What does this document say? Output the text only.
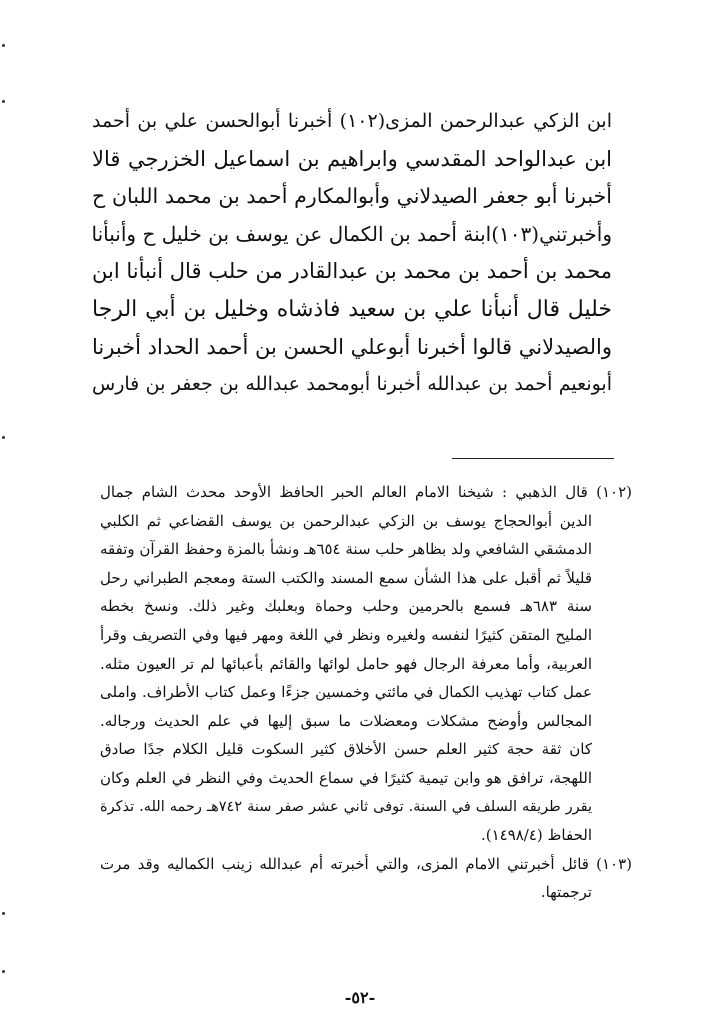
ابن الزكي عبدالرحمن المزى(١٠٢) أخبرنا أبوالحسن علي بن أحمد
ابن عبدالواحد المقدسي وابراهيم بن اسماعيل الخزرجي قالا
أخبرنا أبو جعفر الصيدلاني وأبوالمكارم أحمد بن محمد اللبان ح
وأخبرتني(١٠٣)ابنة أحمد بن الكمال عن يوسف بن خليل ح وأنبأنا
محمد بن أحمد بن محمد بن عبدالقادر من حلب قال أنبأنا ابن
خليل قال أنبأنا علي بن سعيد فاذشاه وخليل بن أبي الرجا
والصيدلاني قالوا أخبرنا أبوعلي الحسن بن أحمد الحداد أخبرنا
أبونعيم أحمد بن عبدالله أخبرنا أبومحمد عبدالله بن جعفر بن فارس
(١٠٢) قال الذهبي : شيخنا الامام العالم الحبر الحافظ الأوحد محدث الشام جمال
الدين أبوالحجاج يوسف بن الزكي عبدالرحمن بن يوسف القضاعي ثم الكلبي
الدمشقي الشافعي ولد بظاهر حلب سنة ٦٥٤هـ ونشأ بالمزة وحفظ القرآن وتفقه
قليلاً ثم أقبل على هذا الشأن سمع المسند والكتب الستة ومعجم الطبراني رحل
سنة ٦٨٣هـ فسمع بالحرمين وحلب وحماة وبعلبك وغير ذلك. ونسخ بخطه
المليح المتقن كثيرًا لنفسه ولغيره ونظر في اللغة ومهر فيها وفي التصريف وقرأ
العربية، وأما معرفة الرجال فهو حامل لوائها والقائم بأعبائها لم تر العيون مثله.
عمل كتاب تهذيب الكمال في مائتي وخمسين جزءًا وعمل كتاب الأطراف. واملى
المجالس وأوضح مشكلات ومعضلات ما سبق إليها في علم الحديث ورجاله.
كان ثقة حجة كثير العلم حسن الأخلاق كثير السكوت قليل الكلام جدًا صادق
اللهجة، ترافق هو وابن تيمية كثيرًا في سماع الحديث وفي النظر في العلم وكان
يقرر طريقه السلف في السنة. توفى ثاني عشر صفر سنة ٧٤٢هـ رحمه الله. تذكرة
الحفاظ (١٤٩٨/٤).
(١٠٣) قائل أخبرتني الامام المزى، والتي أخبرته أم عبدالله زينب الكماليه وقد مرت
ترجمتها.
-٥٢-
